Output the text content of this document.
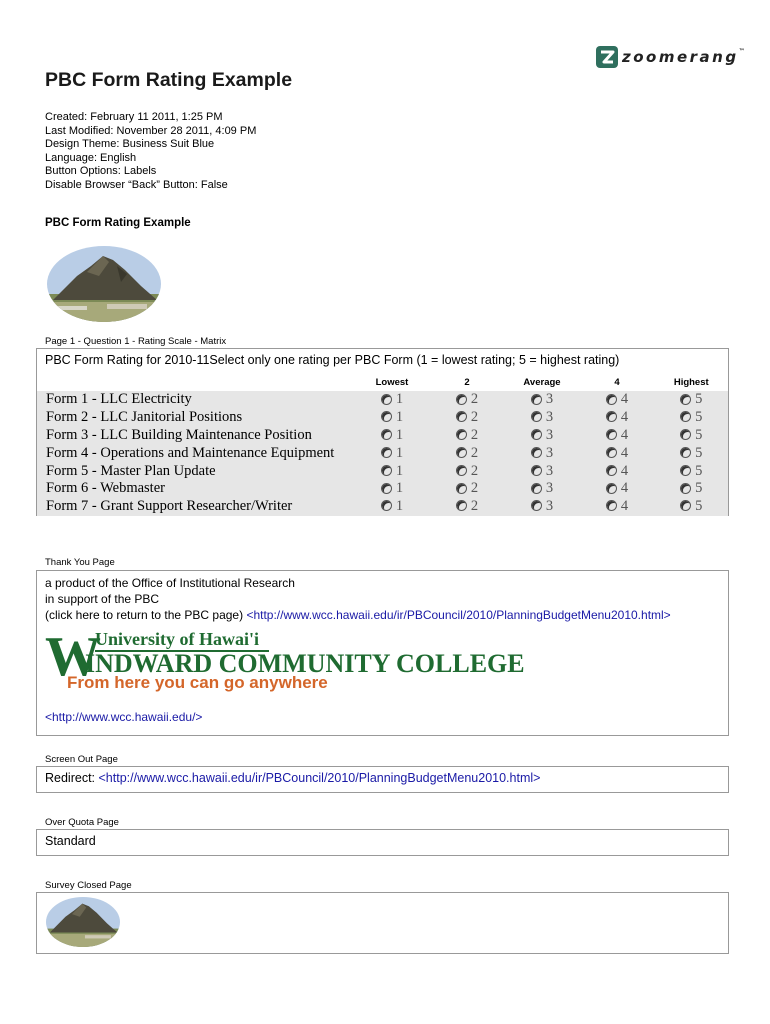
zoomerang™
PBC Form Rating Example
Created: February 11 2011, 1:25 PM
Last Modified: November 28 2011, 4:09 PM
Design Theme: Business Suit Blue
Language: English
Button Options: Labels
Disable Browser “Back” Button: False
PBC Form Rating Example
Page 1 - Question 1 - Rating Scale - Matrix
PBC Form Rating for 2010-11Select only one rating per PBC Form (1 = lowest rating; 5 = highest rating)
	Lowest	2	Average	4	Highest
Form 1 - LLC Electricity	1	2	3	4	5
Form 2 - LLC Janitorial Positions	1	2	3	4	5
Form 3 - LLC Building Maintenance Position	1	2	3	4	5
Form 4 - Operations and Maintenance Equipment	1	2	3	4	5
Form 5 - Master Plan Update	1	2	3	4	5
Form 6 - Webmaster	1	2	3	4	5
Form 7 - Grant Support Researcher/Writer	1	2	3	4	5
Thank You Page
a product of the Office of Institutional Research
in support of the PBC
(click here to return to the PBC page) <http://www.wcc.hawaii.edu/ir/PBCouncil/2010/PlanningBudgetMenu2010.html>
W
University of Hawai'i
INDWARD COMMUNITY COLLEGE
From here you can go anywhere
<http://www.wcc.hawaii.edu/>
Screen Out Page
Redirect: <http://www.wcc.hawaii.edu/ir/PBCouncil/2010/PlanningBudgetMenu2010.html>
Over Quota Page
Standard
Survey Closed Page
